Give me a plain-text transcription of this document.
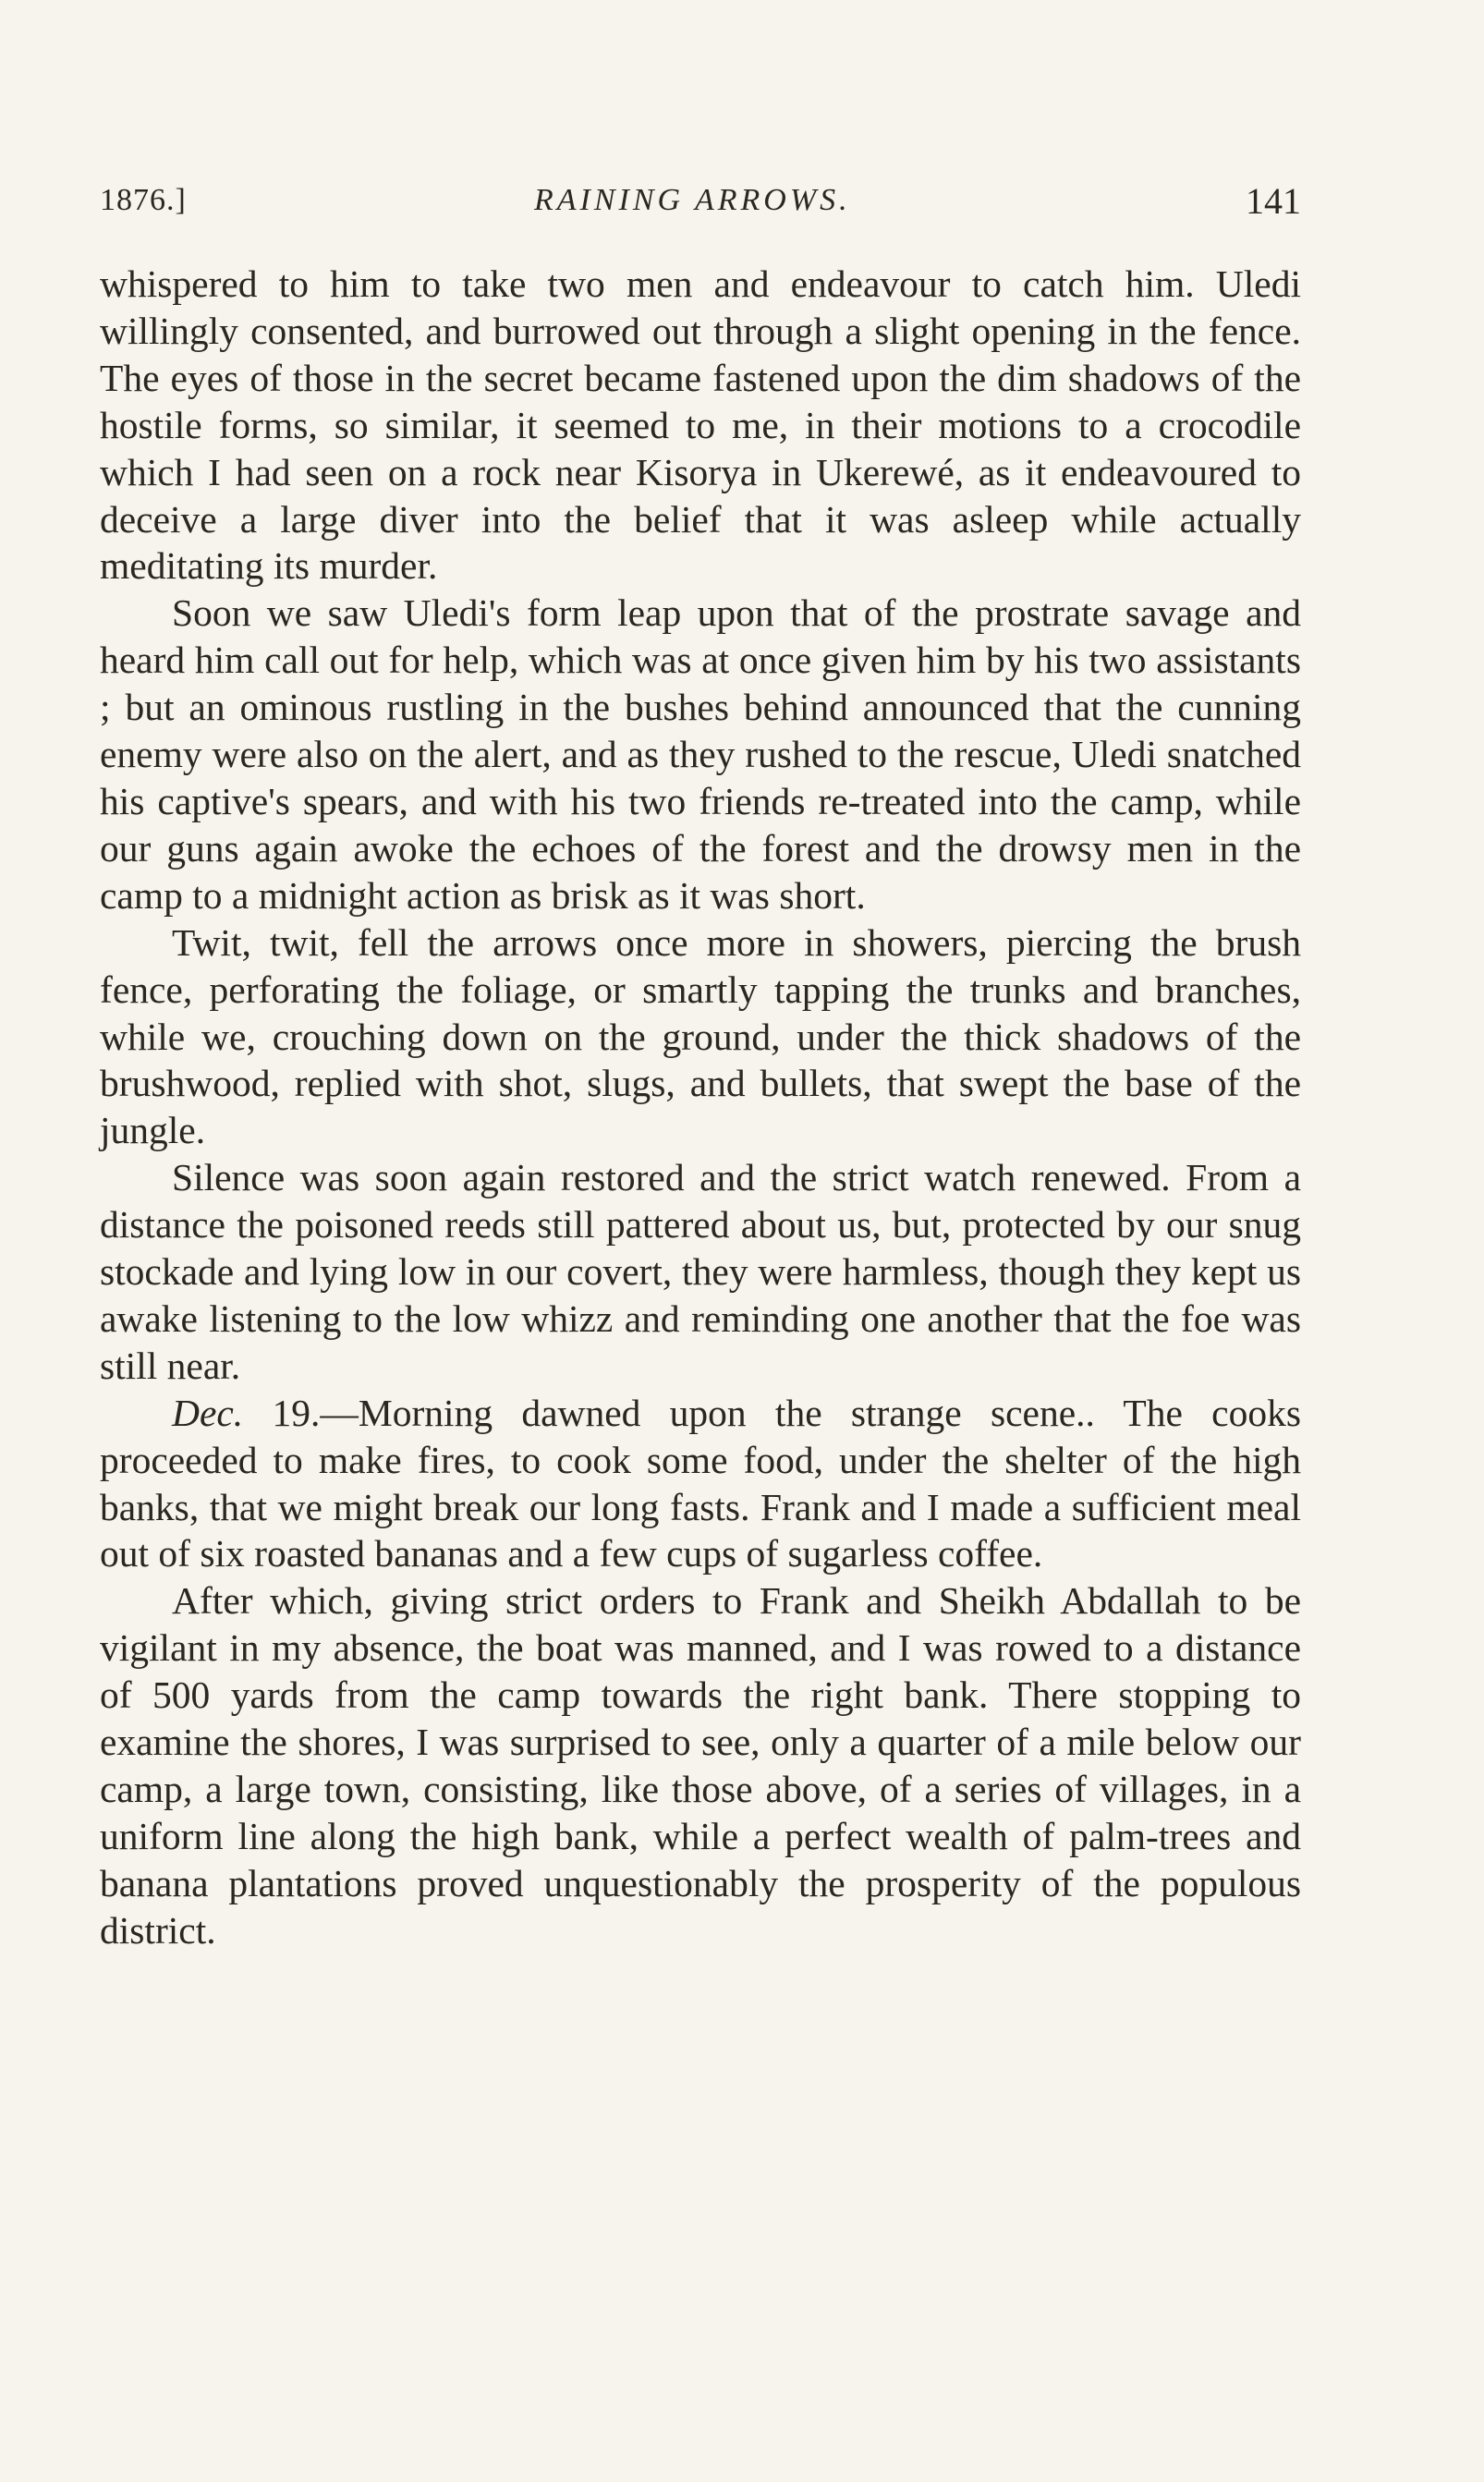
1876.]	RAINING ARROWS.	141

whispered to him to take two men and endeavour to catch him. Uledi willingly consented, and burrowed out through a slight opening in the fence. The eyes of those in the secret became fastened upon the dim shadows of the hostile forms, so similar, it seemed to me, in their motions to a crocodile which I had seen on a rock near Kisorya in Ukerewé, as it endeavoured to deceive a large diver into the belief that it was asleep while actually meditating its murder.

Soon we saw Uledi's form leap upon that of the prostrate savage and heard him call out for help, which was at once given him by his two assistants ; but an ominous rustling in the bushes behind announced that the cunning enemy were also on the alert, and as they rushed to the rescue, Uledi snatched his captive's spears, and with his two friends re-treated into the camp, while our guns again awoke the echoes of the forest and the drowsy men in the camp to a midnight action as brisk as it was short.

Twit, twit, fell the arrows once more in showers, piercing the brush fence, perforating the foliage, or smartly tapping the trunks and branches, while we, crouching down on the ground, under the thick shadows of the brushwood, replied with shot, slugs, and bullets, that swept the base of the jungle.

Silence was soon again restored and the strict watch renewed. From a distance the poisoned reeds still pattered about us, but, protected by our snug stockade and lying low in our covert, they were harmless, though they kept us awake listening to the low whizz and reminding one another that the foe was still near.

Dec. 19.—Morning dawned upon the strange scene.. The cooks proceeded to make fires, to cook some food, under the shelter of the high banks, that we might break our long fasts. Frank and I made a sufficient meal out of six roasted bananas and a few cups of sugarless coffee.

After which, giving strict orders to Frank and Sheikh Abdallah to be vigilant in my absence, the boat was manned, and I was rowed to a distance of 500 yards from the camp towards the right bank. There stopping to examine the shores, I was surprised to see, only a quarter of a mile below our camp, a large town, consisting, like those above, of a series of villages, in a uniform line along the high bank, while a perfect wealth of palm-trees and banana plantations proved unquestionably the prosperity of the populous district.
